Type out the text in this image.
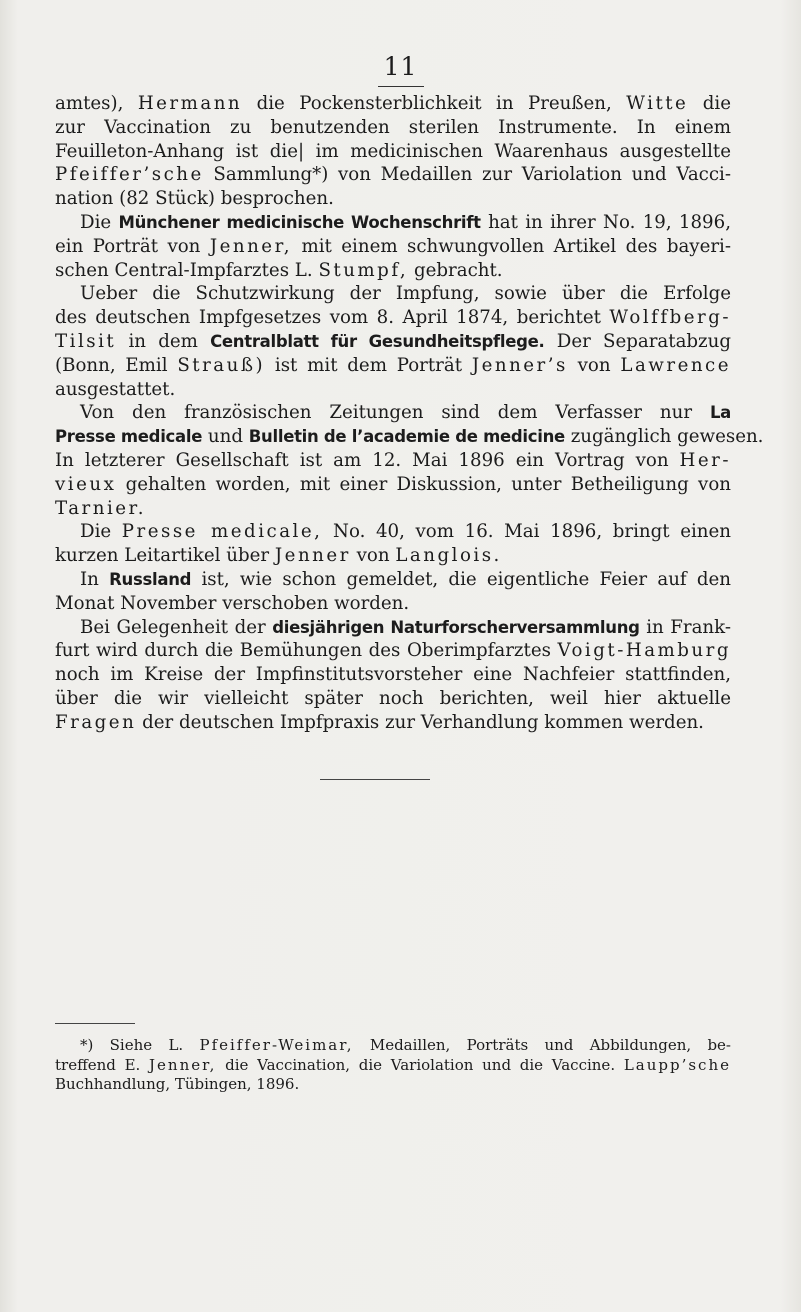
11
amtes), Hermann die Pockensterblichkeit in Preußen, Witte die
zur Vaccination zu benutzenden sterilen Instrumente. In einem
Feuilleton-Anhang ist die| im medicinischen Waarenhaus ausgestellte
Pfeiffer’sche Sammlung*) von Medaillen zur Variolation und Vacci-
nation (82 Stück) besprochen.
Die Münchener medicinische Wochenschrift hat in ihrer No. 19, 1896,
ein Porträt von Jenner, mit einem schwungvollen Artikel des bayeri-
schen Central-Impfarztes L. Stumpf, gebracht.
Ueber die Schutzwirkung der Impfung, sowie über die Erfolge
des deutschen Impfgesetzes vom 8. April 1874, berichtet Wolffberg-
Tilsit in dem Centralblatt für Gesundheitspflege. Der Separatabzug
(Bonn, Emil Strauß) ist mit dem Porträt Jenner’s von Lawrence
ausgestattet.
Von den französischen Zeitungen sind dem Verfasser nur La
Presse medicale und Bulletin de l’academie de medicine zugänglich gewesen.
In letzterer Gesellschaft ist am 12. Mai 1896 ein Vortrag von Her-
vieux gehalten worden, mit einer Diskussion, unter Betheiligung von
Tarnier.
Die Presse medicale, No. 40, vom 16. Mai 1896, bringt einen
kurzen Leitartikel über Jenner von Langlois.
In Russland ist, wie schon gemeldet, die eigentliche Feier auf den
Monat November verschoben worden.
Bei Gelegenheit der diesjährigen Naturforscherversammlung in Frank-
furt wird durch die Bemühungen des Oberimpfarztes Voigt-Hamburg
noch im Kreise der Impfinstitutsvorsteher eine Nachfeier stattfinden,
über die wir vielleicht später noch berichten, weil hier aktuelle
Fragen der deutschen Impfpraxis zur Verhandlung kommen werden.
*) Siehe L. Pfeiffer-Weimar, Medaillen, Porträts und Abbildungen, be-
treffend E. Jenner, die Vaccination, die Variolation und die Vaccine. Laupp’sche
Buchhandlung, Tübingen, 1896.
